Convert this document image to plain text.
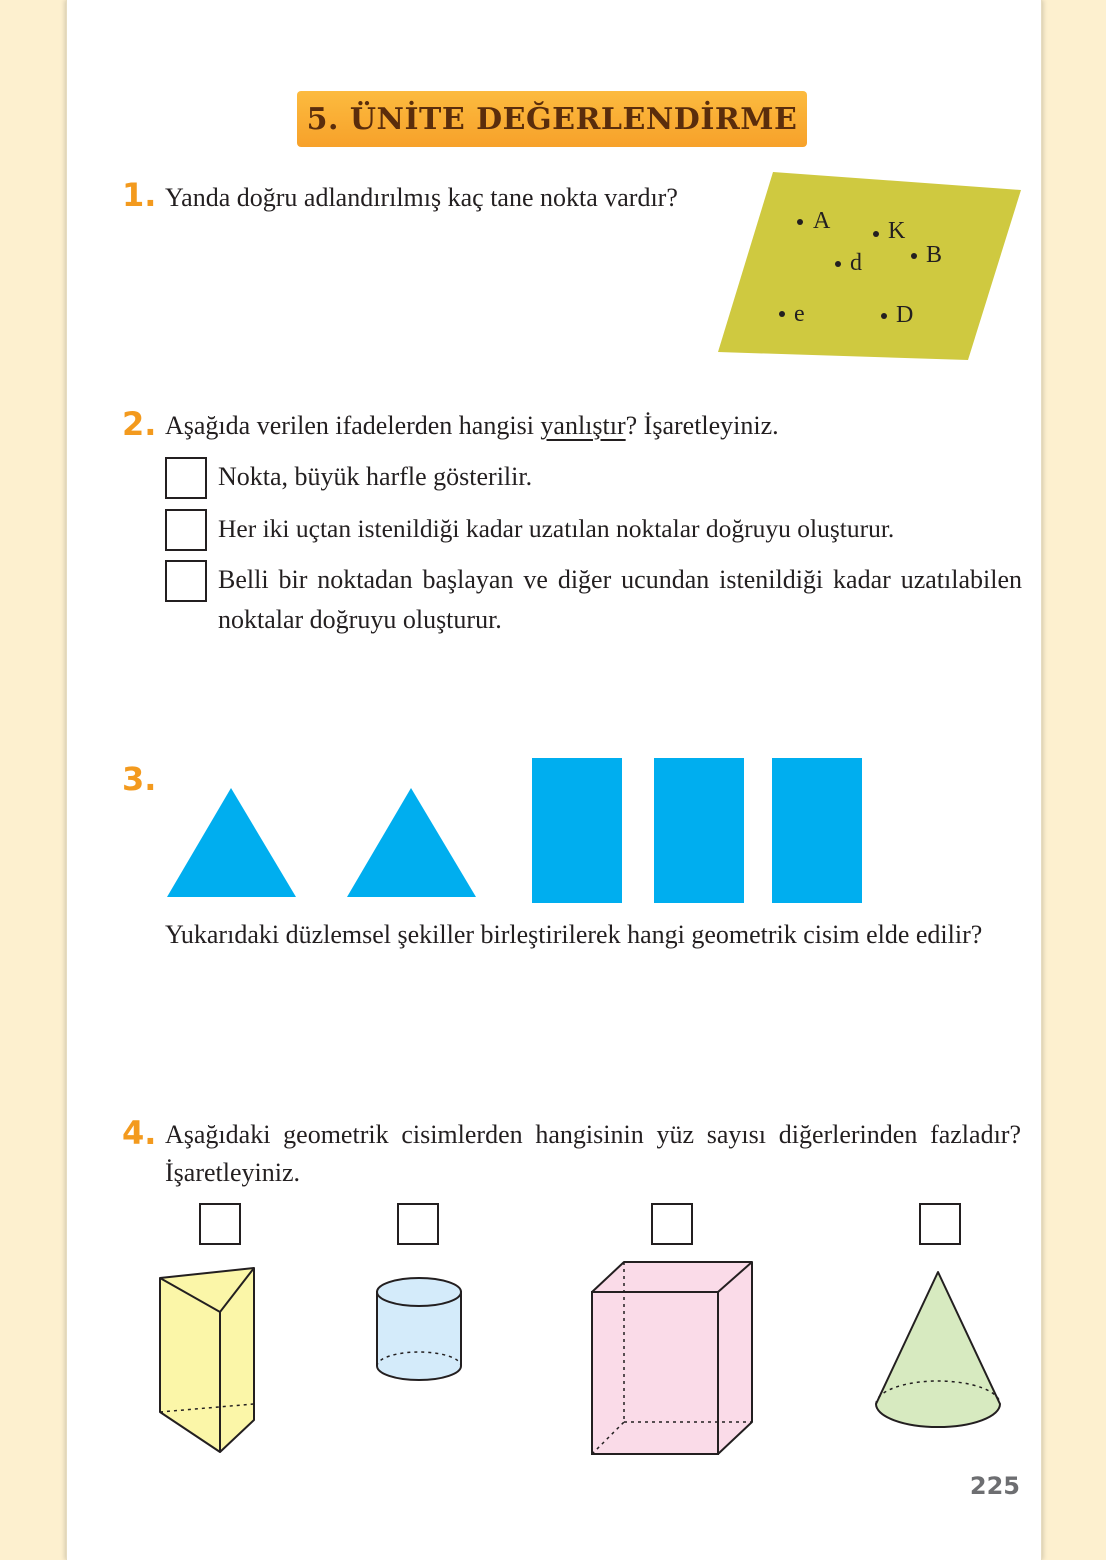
5. ÜNİTE DEĞERLENDİRME
1. Yanda doğru adlandırılmış kaç tane nokta vardır?
A K
d	B
e	D
2. Aşağıda verilen ifadelerden hangisi yanlıştır? İşaretleyiniz.
Nokta, büyük harfle gösterilir.
Her iki uçtan istenildiği kadar uzatılan noktalar doğruyu oluşturur.
Belli bir noktadan başlayan ve diğer ucundan istenildiği kadar uzatılabilen noktalar doğruyu oluşturur.
3.
Yukarıdaki düzlemsel şekiller birleştirilerek hangi geometrik cisim elde edilir?
4. Aşağıdaki geometrik cisimlerden hangisinin yüz sayısı diğerlerinden fazladır? İşaretleyiniz.
225
